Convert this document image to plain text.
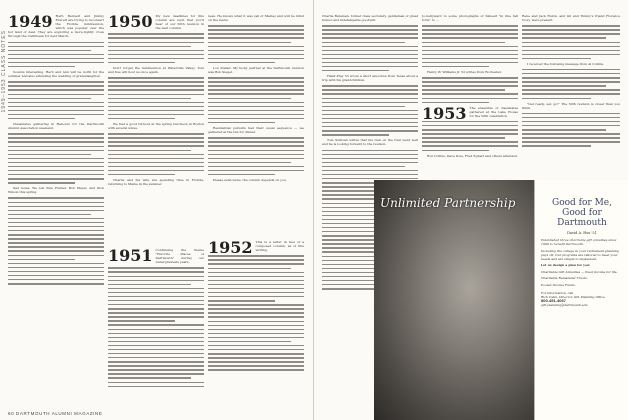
1949–1953 CLASS NOTES
1949 Herb Bennett and Jimmy Everett are trying to reconvert the Florida minireunion, which was popular over the hot land of deal. They are exploring a more-tightly cross through the Caribbean for next March.

Sounds interesting. Herb and Ann will be north for the summer and also attending the wedding of granddaughter.

Classmates gathering in Hanover for the Dartmouth Alumni Association weekend.

Sad notes. We lost Pete Hunter, Bob Meyer, and Dick Wilson this spring.

1950 My new deadlines for this column are such that you'll hear of our 50th reunion in the next column.

Don't forget the minireunion at Waterville Valley. Tom and Sue will host us once again.

We had a good turnout at the spring luncheon in Boston with several wives.

Charlie and his wife are spending time in Florida, returning to Maine in the summer.

1951 Continuing the theme "Favorite Places of Dartmouth" during our undergraduate years.

ness. He knows what it was (all of Maine) and will be blind on the menu.

Lou Stefan: My lucky partner at the Dartmouth reunion was Bob Siegel.

Residential pursuits had their usual sequence — we gathered at the Inn for dinner.

Please send news, the column depends on you.

1952 This is a letter in lieu of a composed column, as of this writing.

60 DARTMOUTH ALUMNI MAGAZINE

Charlie Bateman, former class secretary, gentleman of great humor and indefatigable goodwill.

Hank Pray 53 wrote a short anecdote from Texas about a trip with his grandchildren.

Tom Sullivan writes that his trek on the trail went well and he is looking forward to the reunion.

Jo-bellyward to some photographs of himself "in fine fall form" to ...

Henry W. Williams Jr. 52 writes from Rochester.

1953 The ensemble of classmates gathered at the Lake House for the 50th celebration.

Ron Collins, Dave Dole, Fred Egbert and others attended.

Rene and Jack Rubin, and Gil and Timmy's friend Florence Novy, were present.

I received the following message from Al Collins.

"Get ready, set, go!" The 50th reunion is closer than you think.

Unlimited Partnership	Good for Me, Good for Dartmouth
David A. Hsu '51

Established three charitable gift annuities since 1999 to benefit Dartmouth.

Including the college in your retirement planning pays off. Our programs are tailored to meet your needs and are simple to implement.

Let us design a plan for you:

Charitable Gift Annuities — fixed income for life.

Charitable Remainder Trusts.

Pooled Income Funds.

For information, call
Rick Cahn, Director, Gift Planning Office
800-451-4067
gift.planning@dartmouth.edu
